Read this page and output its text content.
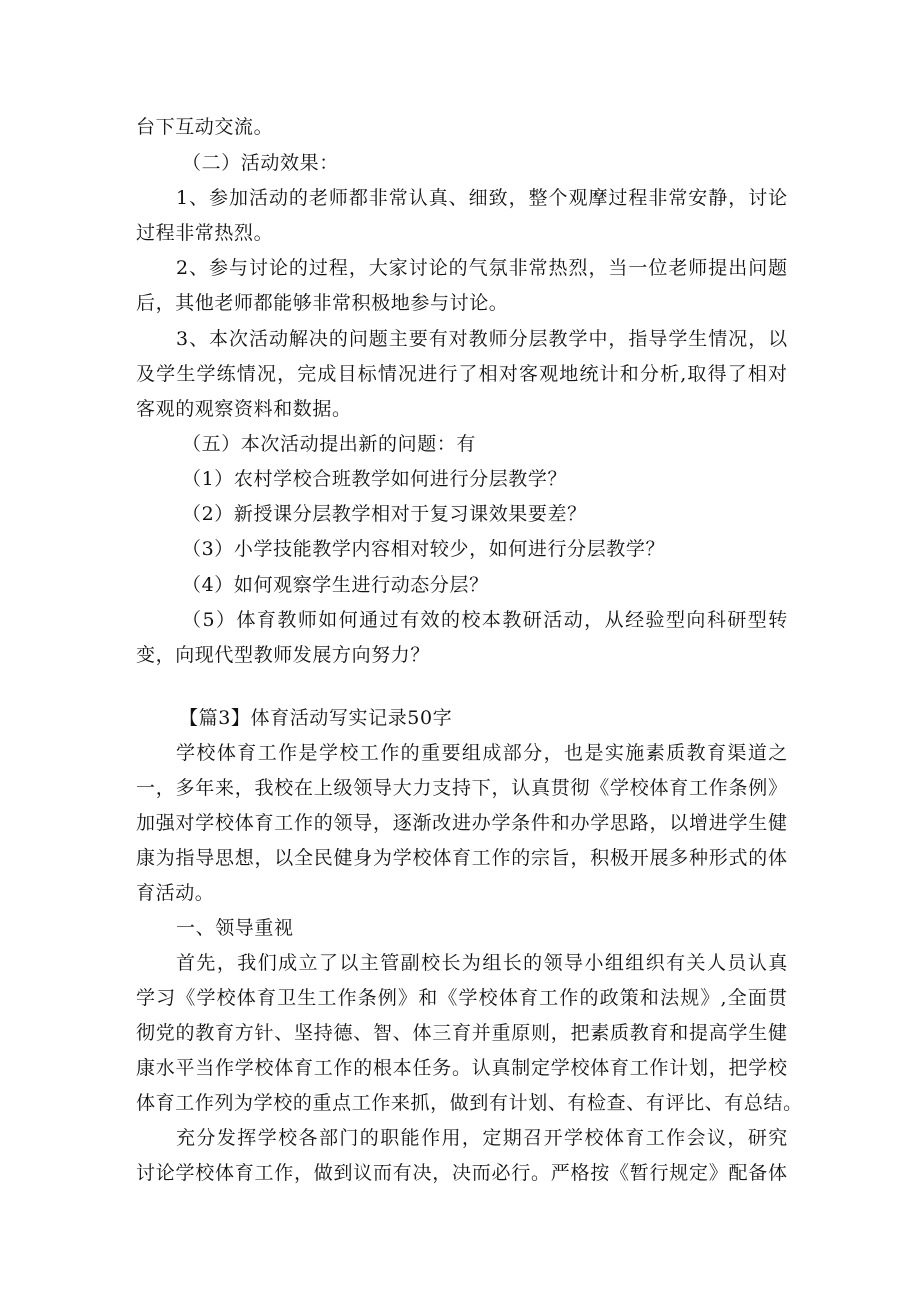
台下互动交流。
（二）活动效果：
1 、 参 加 活 动 的 老 师 都 非 常 认 真 、 细 致 ， 整 个 观 摩 过 程 非 常 安 静 ， 讨 论
过程非常热烈。
2 、 参 与 讨 论 的 过 程 ， 大 家 讨 论 的 气 氛 非 常 热 烈 ， 当 一 位 老 师 提 出 问 题
后，其他老师都能够非常积极地参与讨论。
3 、 本 次 活 动 解 决 的 问 题 主 要 有 对 教 师 分 层 教 学 中 ， 指 导 学 生 情 况 ， 以
及 学 生 学 练 情 况 ， 完 成 目 标 情 况 进 行 了 相 对 客 观 地 统 计 和 分 析 , 取 得 了 相 对
客观的观察资料和数据。
（五）本次活动提出新的问题：有
（1）农村学校合班教学如何进行分层教学？
（2）新授课分层教学相对于复习课效果要差？
（3）小学技能教学内容相对较少，如何进行分层教学？
（4）如何观察学生进行动态分层？
（ 5 ） 体 育 教 师 如 何 通 过 有 效 的 校 本 教 研 活 动 ， 从 经 验 型 向 科 研 型 转
变，向现代型教师发展方向努力？
【篇3】体育活动写实记录50字
学 校 体 育 工 作 是 学 校 工 作 的 重 要 组 成 部 分 ， 也 是 实 施 素 质 教 育 渠 道 之
一 ， 多 年 来 ， 我 校 在 上 级 领 导 大 力 支 持 下 ， 认 真 贯 彻 《 学 校 体 育 工 作 条 例 》
加 强 对 学 校 体 育 工 作 的 领 导 ， 逐 渐 改 进 办 学 条 件 和 办 学 思 路 ， 以 增 进 学 生 健
康 为 指 导 思 想 ， 以 全 民 健 身 为 学 校 体 育 工 作 的 宗 旨 ， 积 极 开 展 多 种 形 式 的 体
育活动。
一、领导重视
首 先 ， 我 们 成 立 了 以 主 管 副 校 长 为 组 长 的 领 导 小 组 组 织 有 关 人 员 认 真
学 习 《 学 校 体 育 卫 生 工 作 条 例 》 和 《 学 校 体 育 工 作 的 政 策 和 法 规 》 , 全 面 贯
彻 党 的 教 育 方 针 、 坚 持 德 、 智 、 体 三 育 并 重 原 则 ， 把 素 质 教 育 和 提 高 学 生 健
康 水 平 当 作 学 校 体 育 工 作 的 根 本 任 务 。 认 真 制 定 学 校 体 育 工 作 计 划 ， 把 学 校
体 育 工 作 列 为 学 校 的 重 点 工 作 来 抓 ， 做 到 有 计 划 、 有 检 查 、 有 评 比 、 有 总 结 。
充 分 发 挥 学 校 各 部 门 的 职 能 作 用 ， 定 期 召 开 学 校 体 育 工 作 会 议 ， 研 究
讨 论 学 校 体 育 工 作 ， 做 到 议 而 有 决 ， 决 而 必 行 。 严 格 按 《 暂 行 规 定 》 配 备 体
